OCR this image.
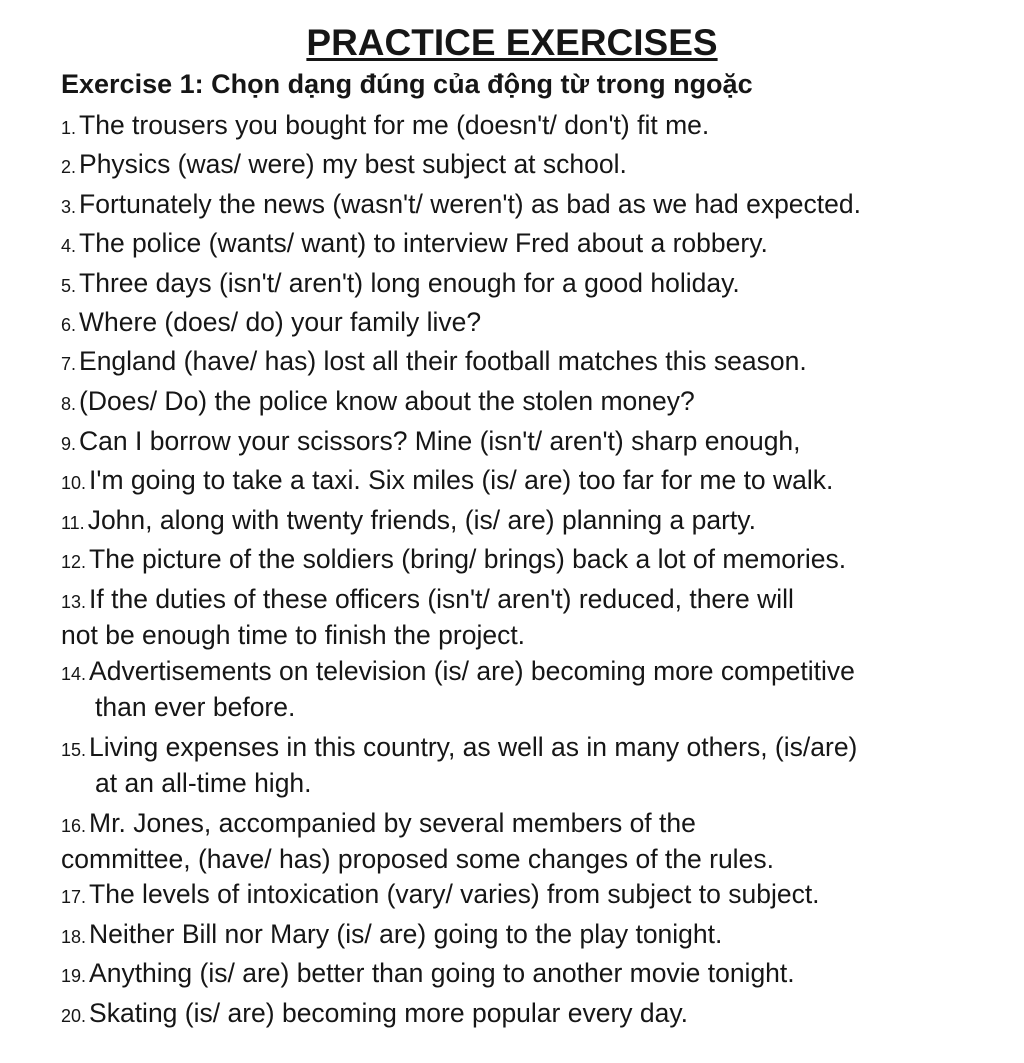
PRACTICE EXERCISES
Exercise 1: Chọn dạng đúng của động từ trong ngoặc
1. The trousers you bought for me (doesn't/ don't) fit me.
2. Physics (was/ were) my best subject at school.
3. Fortunately the news (wasn't/ weren't) as bad as we had expected.
4. The police (wants/ want) to interview Fred about a robbery.
5. Three days (isn't/ aren't) long enough for a good holiday.
6. Where (does/ do) your family live?
7. England (have/ has) lost all their football matches this season.
8. (Does/ Do) the police know about the stolen money?
9. Can I borrow your scissors? Mine (isn't/ aren't) sharp enough,
10. I'm going to take a taxi. Six miles (is/ are) too far for me to walk.
11. John, along with twenty friends, (is/ are) planning a party.
12. The picture of the soldiers (bring/ brings) back a lot of memories.
13. If the duties of these officers (isn't/ aren't) reduced, there will
not be enough time to finish the project.
14. Advertisements on television (is/ are) becoming more competitive
than ever before.
15. Living expenses in this country, as well as in many others, (is/are)
at an all-time high.
16. Mr. Jones, accompanied by several members of the
committee, (have/ has) proposed some changes of the rules.
17. The levels of intoxication (vary/ varies) from subject to subject.
18. Neither Bill nor Mary (is/ are) going to the play tonight.
19. Anything (is/ are) better than going to another movie tonight.
20. Skating (is/ are) becoming more popular every day.
